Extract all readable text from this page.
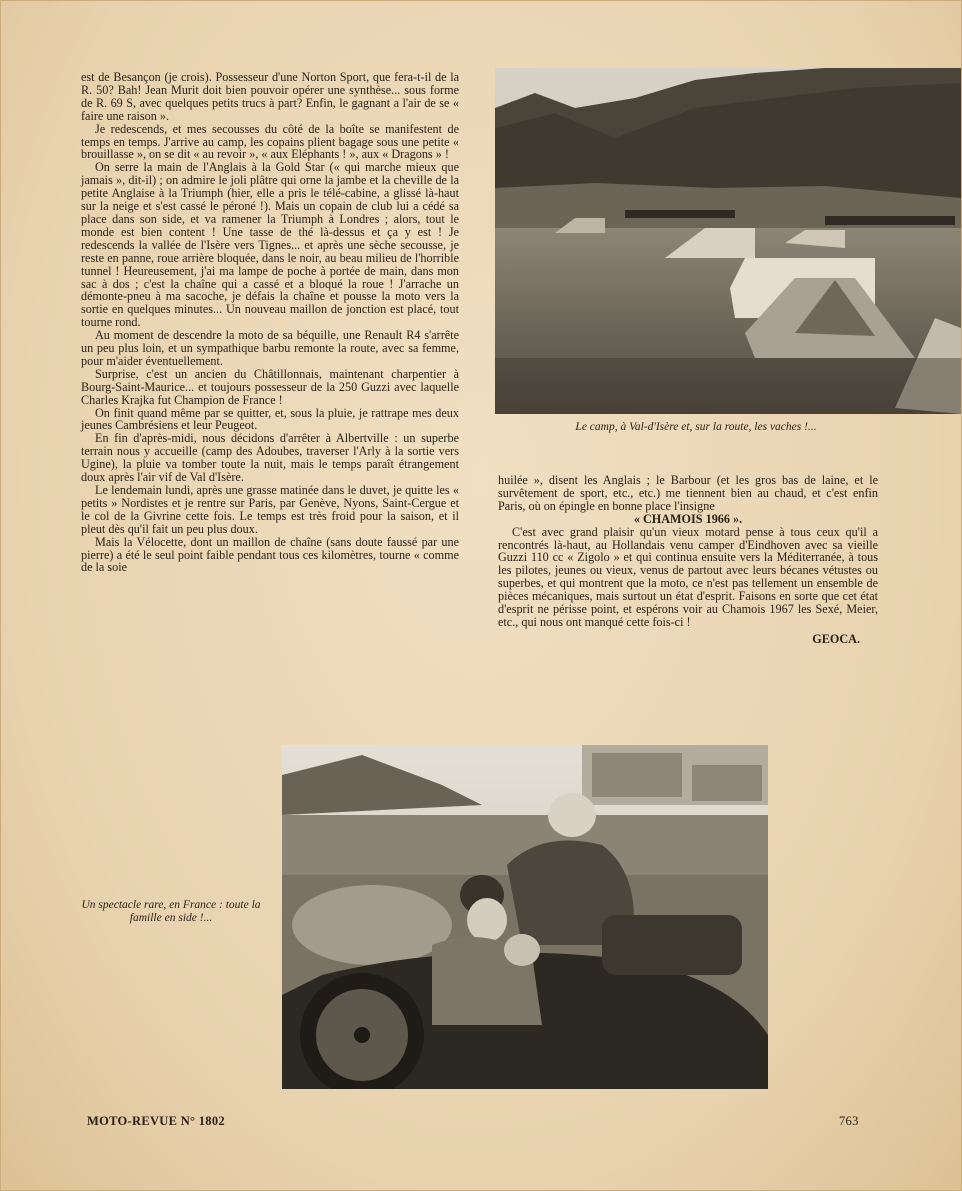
est de Besançon (je crois). Possesseur d'une Norton Sport, que fera-t-il de la R. 50? Bah! Jean Murit doit bien pouvoir opérer une synthèse... sous forme de R. 69 S, avec quelques petits trucs à part? Enfin, le gagnant a l'air de se « faire une raison ».

Je redescends, et mes secousses du côté de la boîte se manifestent de temps en temps. J'arrive au camp, les copains plient bagage sous une petite « brouillasse », on se dit « au revoir », « aux Eléphants ! », aux « Dragons » !

On serre la main de l'Anglais à la Gold Star (« qui marche mieux que jamais », dit-il) ; on admire le joli plâtre qui orne la jambe et la cheville de la petite Anglaise à la Triumph (hier, elle a pris le télé-cabine, a glissé là-haut sur la neige et s'est cassé le péroné !). Mais un copain de club lui a cédé sa place dans son side, et va ramener la Triumph à Londres ; alors, tout le monde est bien content ! Une tasse de thé là-dessus et ça y est ! Je redescends la vallée de l'Isère vers Tignes... et après une sèche secousse, je reste en panne, roue arrière bloquée, dans le noir, au beau milieu de l'horrible tunnel ! Heureusement, j'ai ma lampe de poche à portée de main, dans mon sac à dos ; c'est la chaîne qui a cassé et a bloqué la roue ! J'arrache un démonte-pneu à ma sacoche, je défais la chaîne et pousse la moto vers la sortie en quelques minutes... Un nouveau maillon de jonction est placé, tout tourne rond.

Au moment de descendre la moto de sa béquille, une Renault R4 s'arrête un peu plus loin, et un sympathique barbu remonte la route, avec sa femme, pour m'aider éventuellement.

Surprise, c'est un ancien du Châtillonnais, maintenant charpentier à Bourg-Saint-Maurice... et toujours possesseur de la 250 Guzzi avec laquelle Charles Krajka fut Champion de France !

On finit quand même par se quitter, et, sous la pluie, je rattrape mes deux jeunes Cambrésiens et leur Peugeot.

En fin d'après-midi, nous décidons d'arrêter à Albertville : un superbe terrain nous y accueille (camp des Adoubes, traverser l'Arly à la sortie vers Ugine), la pluie va tomber toute la nuit, mais le temps paraît étrangement doux après l'air vif de Val d'Isère.

Le lendemain lundi, après une grasse matinée dans le duvet, je quitte les « petits » Nordistes et je rentre sur Paris, par Genève, Nyons, Saint-Cergue et le col de la Givrine cette fois. Le temps est très froid pour la saison, et il pleut dès qu'il fait un peu plus doux.

Mais la Vélocette, dont un maillon de chaîne (sans doute faussé par une pierre) a été le seul point faible pendant tous ces kilomètres, tourne « comme de la soie

Le camp, à Val-d'Isère et, sur la route, les vaches !...

huilée », disent les Anglais ; le Barbour (et les gros bas de laine, et le survêtement de sport, etc., etc.) me tiennent bien au chaud, et c'est enfin Paris, où on épingle en bonne place l'insigne

« CHAMOIS 1966 ».

C'est avec grand plaisir qu'un vieux motard pense à tous ceux qu'il a rencontrés là-haut, au Hollandais venu camper d'Eindhoven avec sa vieille Guzzi 110 cc « Zigolo » et qui continua ensuite vers la Méditerranée, à tous les pilotes, jeunes ou vieux, venus de partout avec leurs bécanes vétustes ou superbes, et qui montrent que la moto, ce n'est pas tellement un ensemble de pièces mécaniques, mais surtout un état d'esprit. Faisons en sorte que cet état d'esprit ne périsse point, et espérons voir au Chamois 1967 les Sexé, Meier, etc., qui nous ont manqué cette fois-ci !

GEOCA.

Un spectacle rare, en France : toute la famille en side !...
MOTO-REVUE N° 1802	763
